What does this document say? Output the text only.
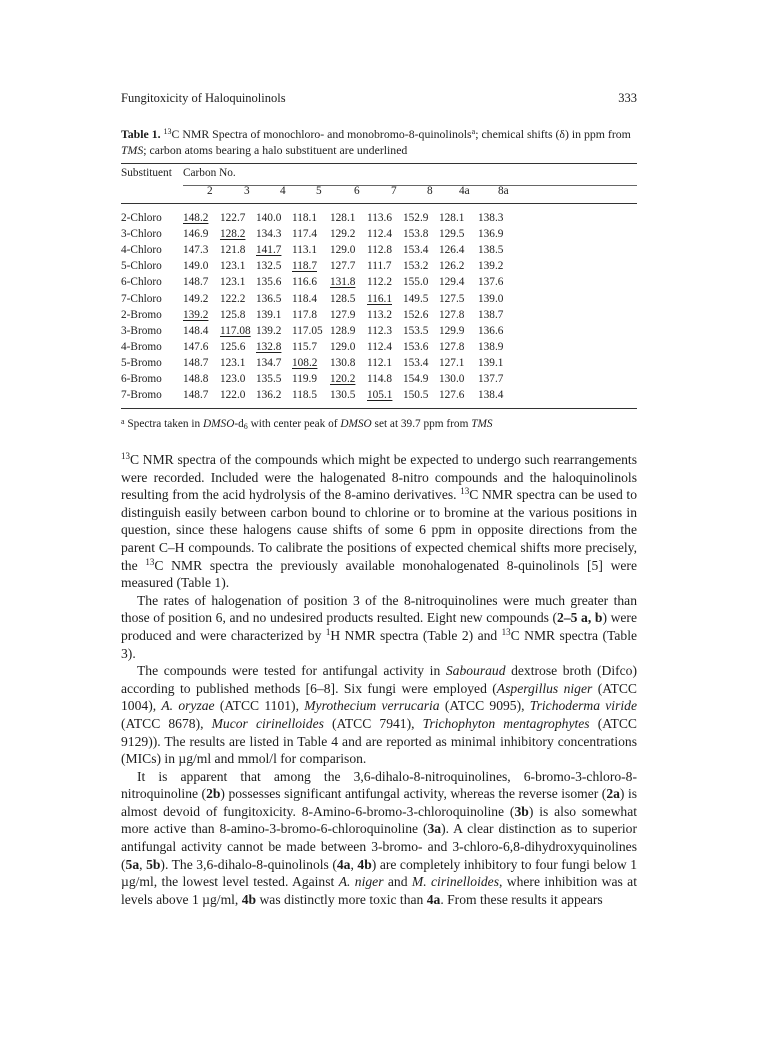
Fungitoxicity of Haloquinolinols	333
Table 1. $^{13}$C NMR Spectra of monochloro- and monobromo-8-quinolinols$^a$; chemical shifts (δ) in ppm from TMS; carbon atoms bearing a halo substituent are underlined
Substituent Carbon No.
2	3	4	5	6	7	8 4a	8a
2-Chloro 148.2 122.7 140.0 118.1 128.1 113.6 152.9 128.1 138.3
3-Chloro 146.9 128.2 134.3 117.4 129.2 112.4 153.8 129.5 136.9
4-Chloro 147.3 121.8 141.7 113.1 129.0 112.8 153.4 126.4 138.5
5-Chloro 149.0 123.1 132.5 118.7 127.7 111.7 153.2 126.2 139.2
6-Chloro 148.7 123.1 135.6 116.6 131.8 112.2 155.0 129.4 137.6
7-Chloro 149.2 122.2 136.5 118.4 128.5 116.1 149.5 127.5 139.0
2-Bromo 139.2 125.8 139.1 117.8 127.9 113.2 152.6 127.8 138.7
3-Bromo 148.4 117.08 139.2 117.05 128.9 112.3 153.5 129.9 136.6
4-Bromo 147.6 125.6 132.8 115.7 129.0 112.4 153.6 127.8 138.9
5-Bromo 148.7 123.1 134.7 108.2 130.8 112.1 153.4 127.1 139.1
6-Bromo 148.8 123.0 135.5 119.9 120.2 114.8 154.9 130.0 137.7
7-Bromo 148.7 122.0 136.2 118.5 130.5 105.1 150.5 127.6 138.4
$^a$ Spectra taken in DMSO-$d_6$ with center peak of DMSO set at 39.7 ppm from TMS

$^{13}$C NMR spectra of the compounds which might be expected to undergo such rearrangements were recorded. Included were the halogenated 8-nitro compounds and the haloquinolinols resulting from the acid hydrolysis of the 8-amino derivatives. $^{13}$C NMR spectra can be used to distinguish easily between carbon bound to chlorine or to bromine at the various positions in question, since these halogens cause shifts of some 6 ppm in opposite directions from the parent C–H compounds. To calibrate the positions of expected chemical shifts more precisely, the $^{13}$C NMR spectra the previously available monohalogenated 8-quinolinols [5] were measured (Table 1).

The rates of halogenation of position 3 of the 8-nitroquinolines were much greater than those of position 6, and no undesired products resulted. Eight new compounds (2–5 a, b) were produced and were characterized by $^1$H NMR spectra (Table 2) and $^{13}$C NMR spectra (Table 3).

The compounds were tested for antifungal activity in Sabouraud dextrose broth (Difco) according to published methods [6–8]. Six fungi were employed (Aspergillus niger (ATCC 1004), A. oryzae (ATCC 1101), Myrothecium verrucaria (ATCC 9095), Trichoderma viride (ATCC 8678), Mucor cirinelloides (ATCC 7941), Trichophyton mentagrophytes (ATCC 9129)). The results are listed in Table 4 and are reported as minimal inhibitory concentrations (MICs) in µg/ml and mmol/l for comparison.

It is apparent that among the 3,6-dihalo-8-nitroquinolines, 6-bromo-3-chloro-8-nitroquinoline (2b) possesses significant antifungal activity, whereas the reverse isomer (2a) is almost devoid of fungitoxicity. 8-Amino-6-bromo-3-chloroquinoline (3b) is also somewhat more active than 8-amino-3-bromo-6-chloroquinoline (3a). A clear distinction as to superior antifungal activity cannot be made between 3-bromo- and 3-chloro-6,8-dihydroxyquinolines (5a, 5b). The 3,6-dihalo-8-quinolinols (4a, 4b) are completely inhibitory to four fungi below 1 µg/ml, the lowest level tested. Against A. niger and M. cirinelloides, where inhibition was at levels above 1 µg/ml, 4b was distinctly more toxic than 4a. From these results it appears
